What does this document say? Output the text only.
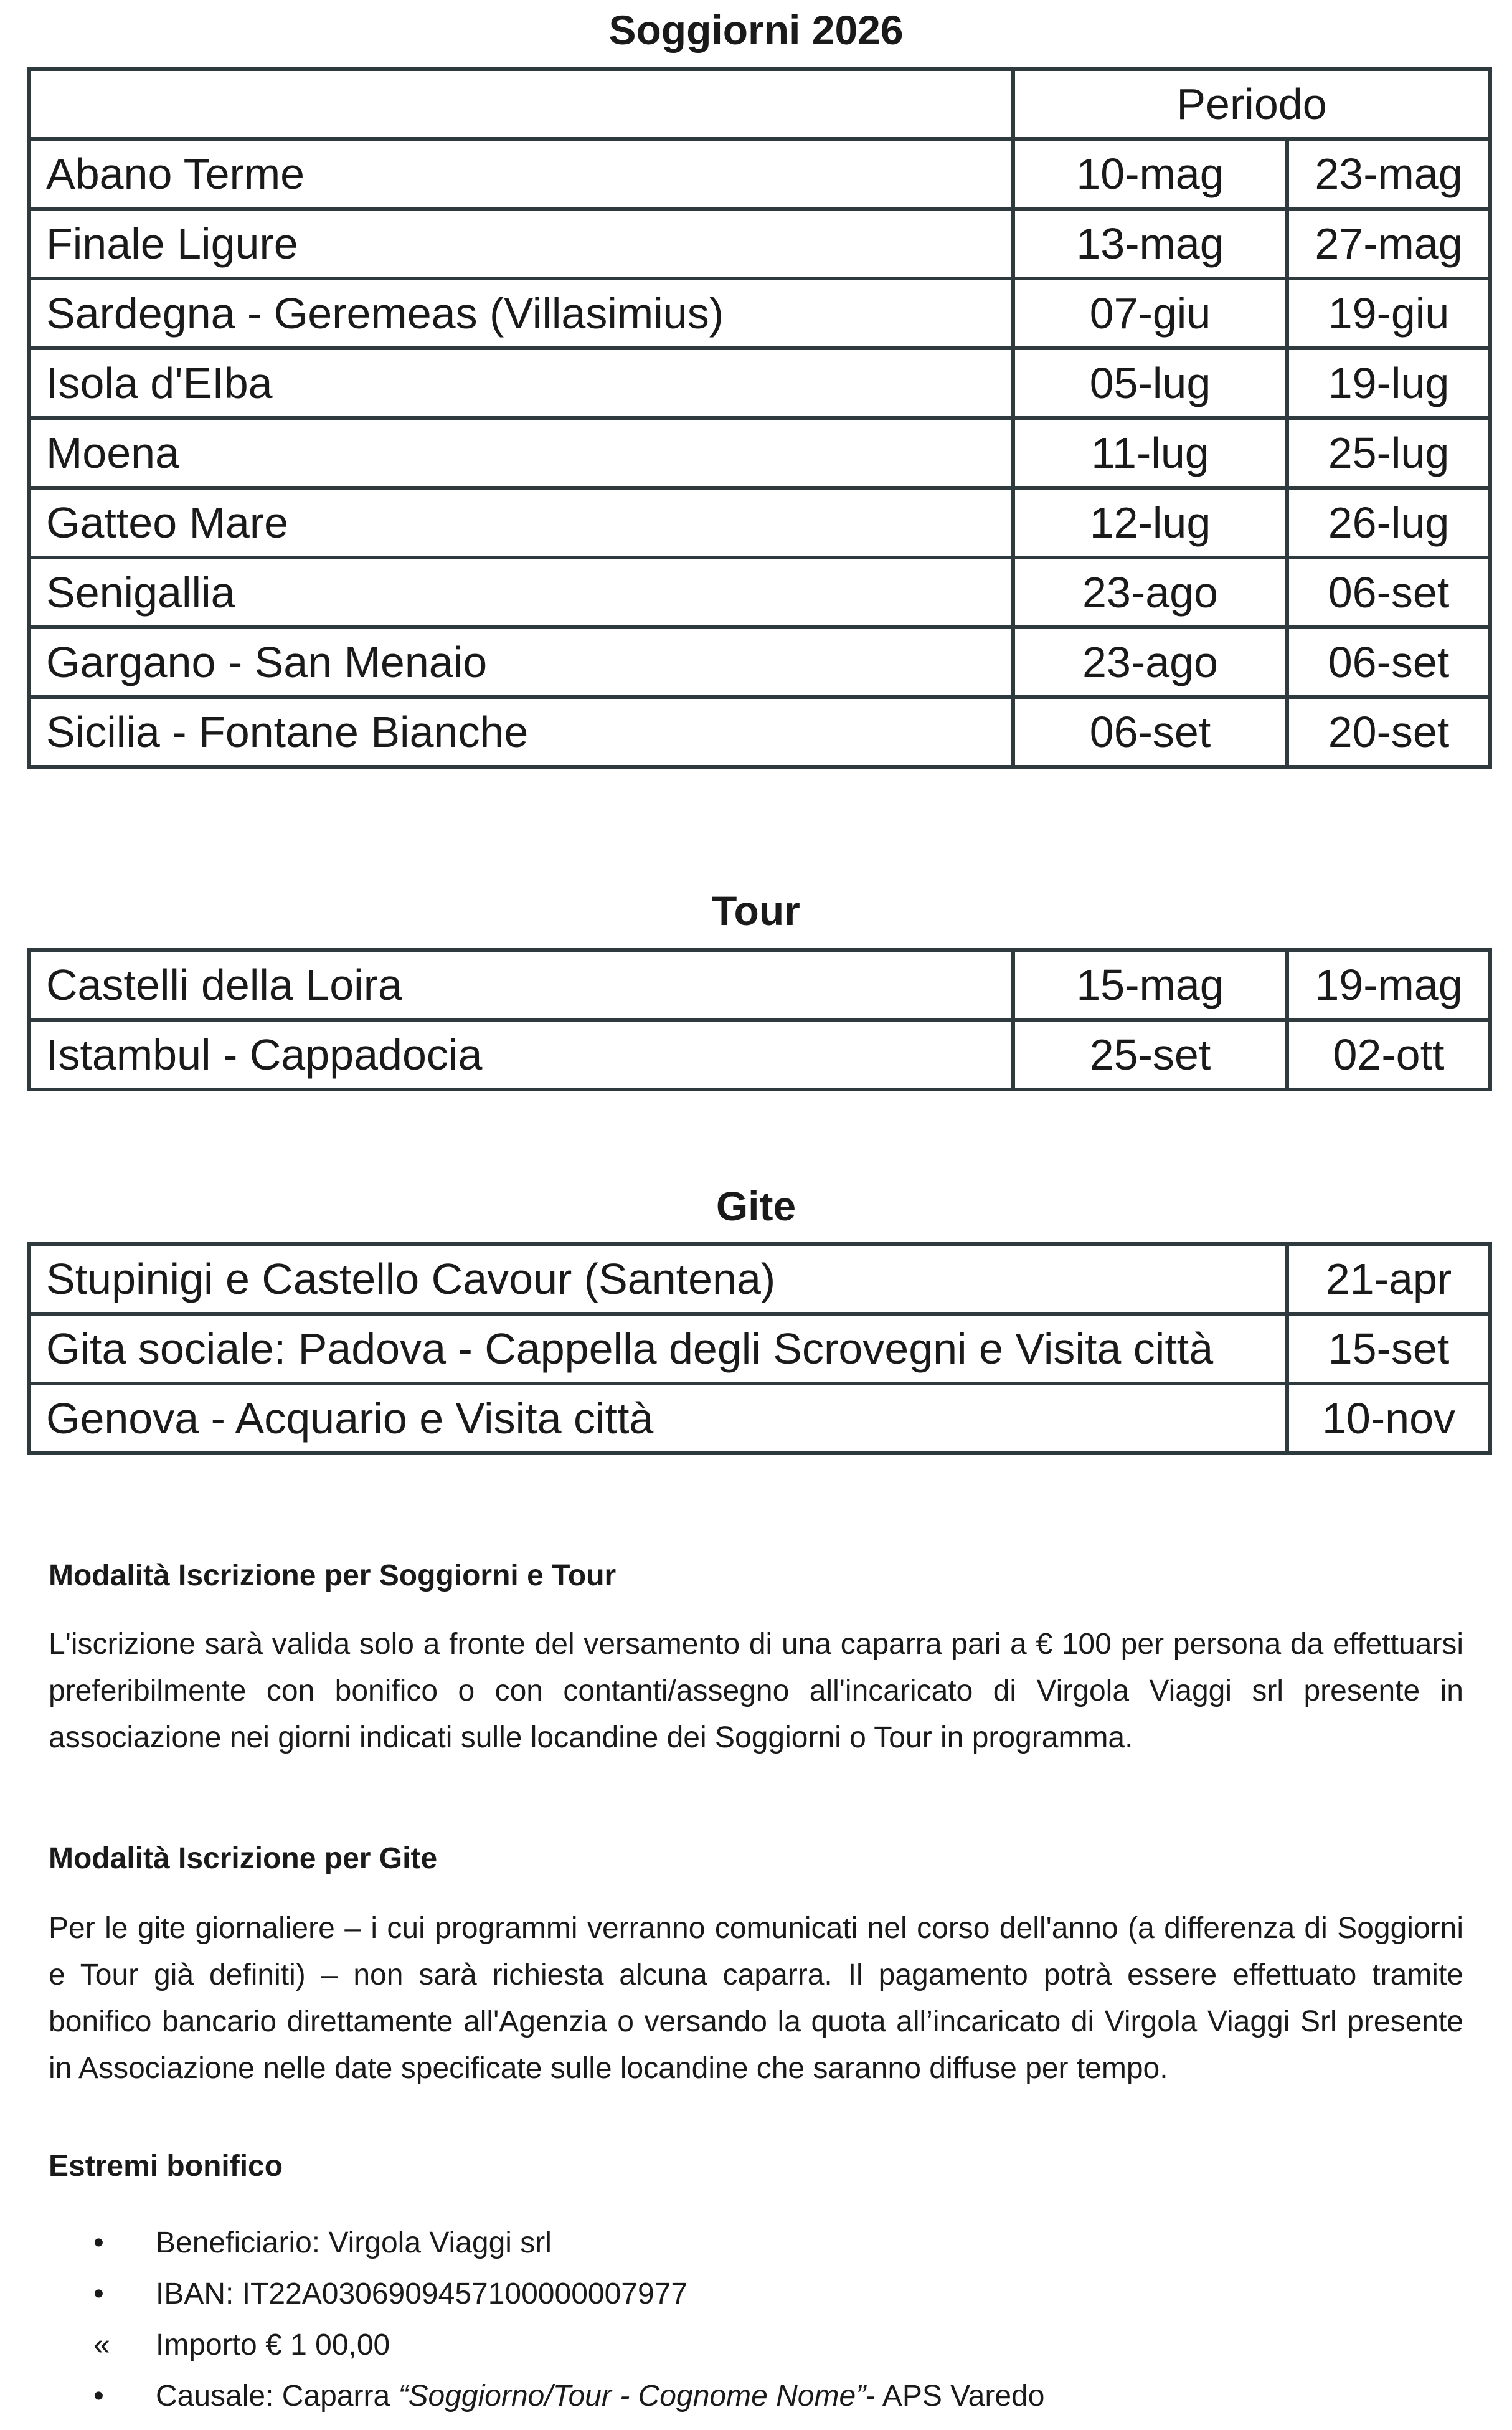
Soggiorni 2026
	Periodo	
Abano Terme	10-mag	23-mag
Finale Ligure	13-mag	27-mag
Sardegna - Geremeas (Villasimius)	07-giu	19-giu
Isola d'EIba	05-lug	19-lug
Moena	11-lug	25-lug
Gatteo Mare	12-lug	26-lug
Senigallia	23-ago	06-set
Gargano - San Menaio	23-ago	06-set
Sicilia - Fontane Bianche	06-set	20-set
Tour
Castelli della Loira	15-mag	19-mag
Istambul - Cappadocia	25-set	02-ott
Gite
Stupinigi e Castello Cavour (Santena)	21-apr
Gita sociale: Padova - Cappella degli Scrovegni e Visita città	15-set
Genova - Acquario e Visita città	10-nov
Modalità Iscrizione per Soggiorni e Tour
L'iscrizione sarà valida solo a fronte del versamento di una caparra pari a € 100 per persona da effettuarsi preferibilmente con bonifico o con contanti/assegno all'incaricato di Virgola Viaggi srl presente in associazione nei giorni indicati sulle locandine dei Soggiorni o Tour in programma.
Modalità Iscrizione per Gite
Per le gite giornaliere – i cui programmi verranno comunicati nel corso dell'anno (a differenza di Soggiorni e Tour già definiti) – non sarà richiesta alcuna caparra. Il pagamento potrà essere effettuato tramite bonifico bancario direttamente all'Agenzia o versando la quota all’incaricato di Virgola Viaggi Srl presente in Associazione nelle date specificate sulle locandine che saranno diffuse per tempo.
Estremi bonifico
•	Beneficiario: Virgola Viaggi srl
•	IBAN: IT22A0306909457100000007977
«	Importo € 1 00,00
•	Causale: Caparra “Soggiorno/Tour - Cognome Nome”- APS Varedo
